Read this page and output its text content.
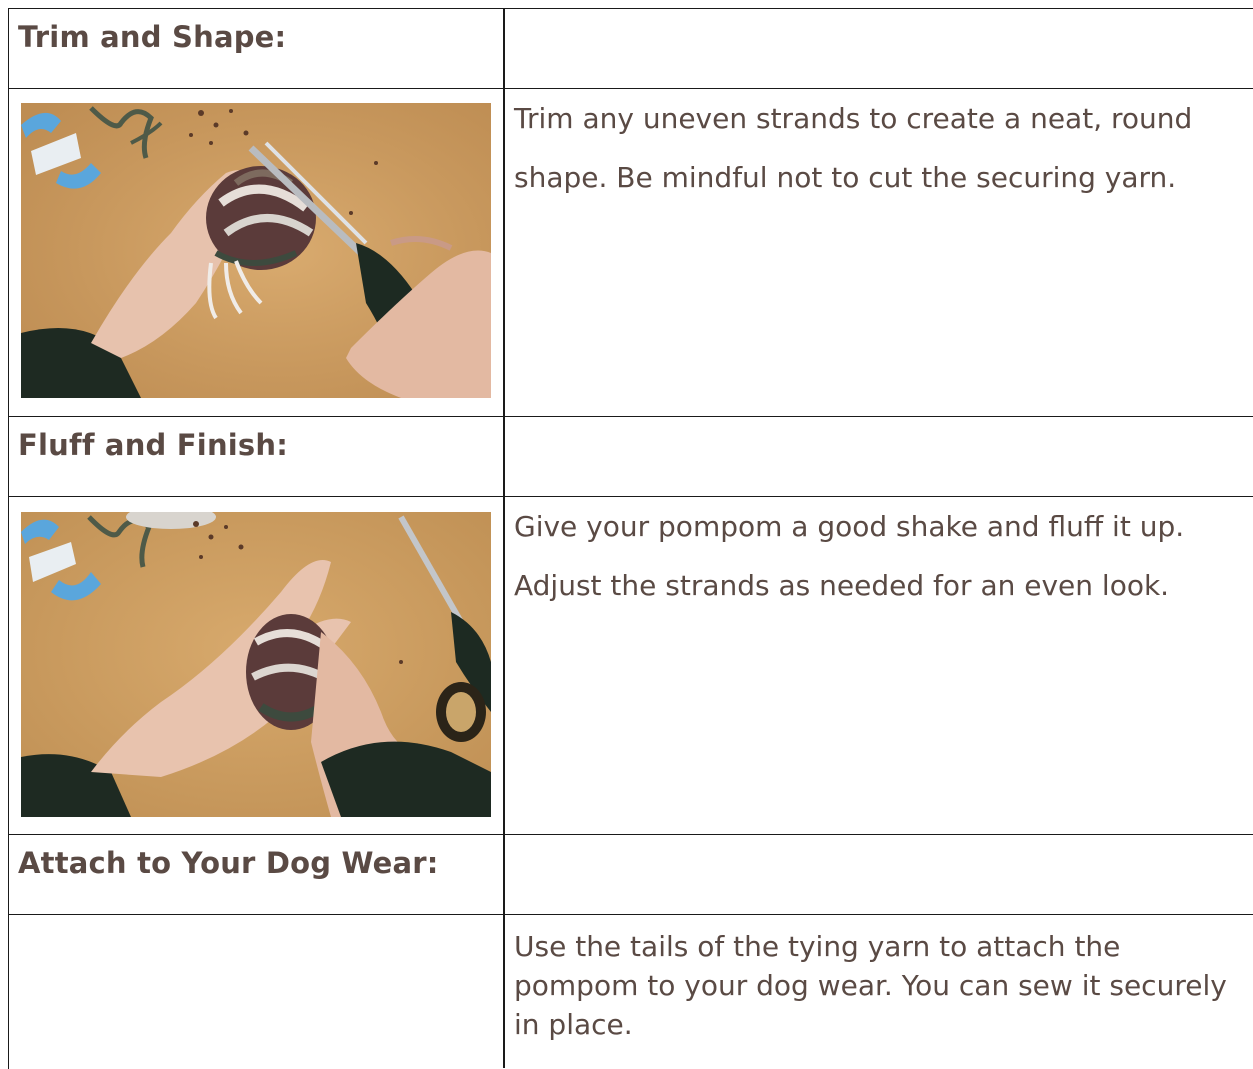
Trim and Shape:
Trim any uneven strands to create a neat, round shape. Be mindful not to cut the securing yarn.
Fluff and Finish:
Give your pompom a good shake and fluff it up. Adjust the strands as needed for an even look.
Attach to Your Dog Wear:
Use the tails of the tying yarn to attach the pompom to your dog wear. You can sew it securely in place.
